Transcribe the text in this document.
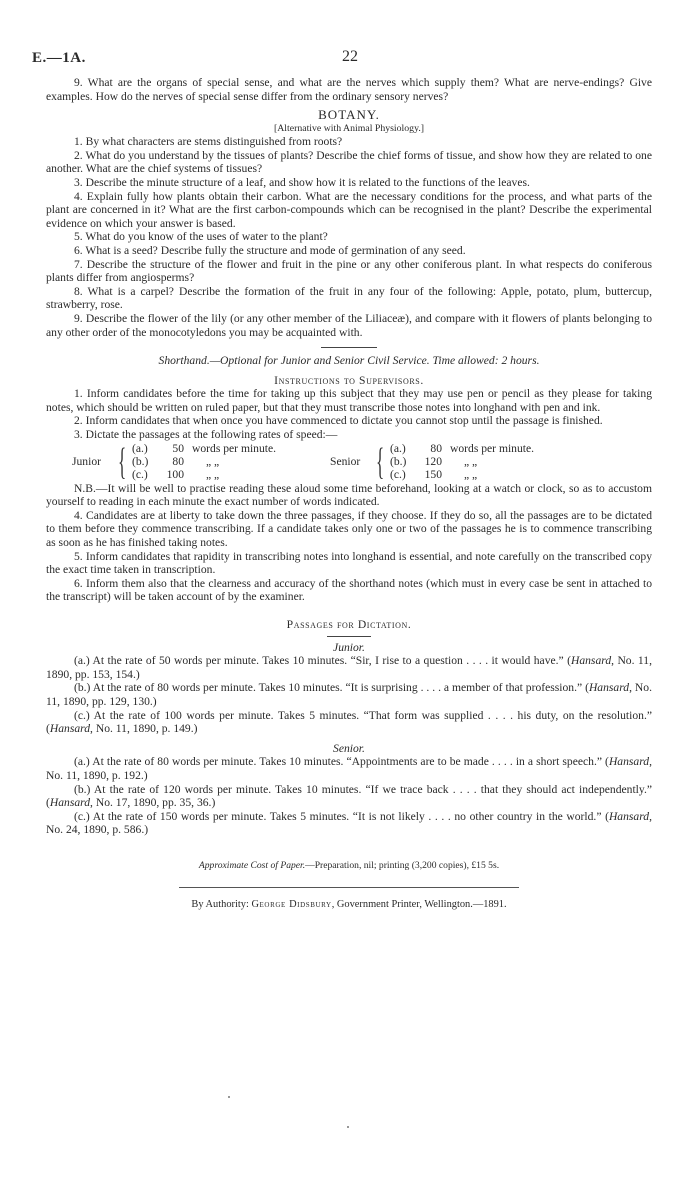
E.—1A.	22

9. What are the organs of special sense, and what are the nerves which supply them? What are nerve-endings? Give examples. How do the nerves of special sense differ from the ordinary sensory nerves?

BOTANY.

[Alternative with Animal Physiology.]

1. By what characters are stems distinguished from roots?

2. What do you understand by the tissues of plants? Describe the chief forms of tissue, and show how they are related to one another. What are the chief systems of tissues?

3. Describe the minute structure of a leaf, and show how it is related to the functions of the leaves.

4. Explain fully how plants obtain their carbon. What are the necessary conditions for the process, and what parts of the plant are concerned in it? What are the first carbon-compounds which can be recognised in the plant? Describe the experimental evidence on which your answer is based.

5. What do you know of the uses of water to the plant?

6. What is a seed? Describe fully the structure and mode of germination of any seed.

7. Describe the structure of the flower and fruit in the pine or any other coniferous plant. In what respects do coniferous plants differ from angiosperms?

8. What is a carpel? Describe the formation of the fruit in any four of the following: Apple, potato, plum, buttercup, strawberry, rose.

9. Describe the flower of the lily (or any other member of the Liliaceæ), and compare with it flowers of plants belonging to any other order of the monocotyledons you may be acquainted with.

Shorthand.—Optional for Junior and Senior Civil Service. Time allowed: 2 hours.

Instructions to Supervisors.

1. Inform candidates before the time for taking up this subject that they may use pen or pencil as they please for taking notes, which should be written on ruled paper, but that they must transcribe those notes into longhand with pen and ink.

2. Inform candidates that when once you have commenced to dictate you cannot stop until the passage is finished.

3. Dictate the passages at the following rates of speed:—

Junior { (a.)
(b.)
(c.)
50
80
100
words per minute.
„ „
„ „
Senior { (a.)
(b.)
(c.)
80
120
150
words per minute.
„ „
„ „

N.B.—It will be well to practise reading these aloud some time beforehand, looking at a watch or clock, so as to accustom yourself to reading in each minute the exact number of words indicated.

4. Candidates are at liberty to take down the three passages, if they choose. If they do so, all the passages are to be dictated to them before they commence transcribing. If a candidate takes only one or two of the passages he is to commence transcribing as soon as he has finished taking notes.

5. Inform candidates that rapidity in transcribing notes into longhand is essential, and note carefully on the transcribed copy the exact time taken in transcription.

6. Inform them also that the clearness and accuracy of the shorthand notes (which must in every case be sent in attached to the transcript) will be taken account of by the examiner.

Passages for Dictation.

Junior.

(a.) At the rate of 50 words per minute. Takes 10 minutes. “Sir, I rise to a question . . . . it would have.” (Hansard, No. 11, 1890, pp. 153, 154.)

(b.) At the rate of 80 words per minute. Takes 10 minutes. “It is surprising . . . . a member of that profession.” (Hansard, No. 11, 1890, pp. 129, 130.)

(c.) At the rate of 100 words per minute. Takes 5 minutes. “That form was supplied . . . . his duty, on the resolution.” (Hansard, No. 11, 1890, p. 149.)

Senior.

(a.) At the rate of 80 words per minute. Takes 10 minutes. “Appointments are to be made . . . . in a short speech.” (Hansard, No. 11, 1890, p. 192.)

(b.) At the rate of 120 words per minute. Takes 10 minutes. “If we trace back . . . . that they should act independently.” (Hansard, No. 17, 1890, pp. 35, 36.)

(c.) At the rate of 150 words per minute. Takes 5 minutes. “It is not likely . . . . no other country in the world.” (Hansard, No. 24, 1890, p. 586.)

Approximate Cost of Paper.—Preparation, nil; printing (3,200 copies), £15 5s.

By Authority: George Didsbury, Government Printer, Wellington.—1891.
